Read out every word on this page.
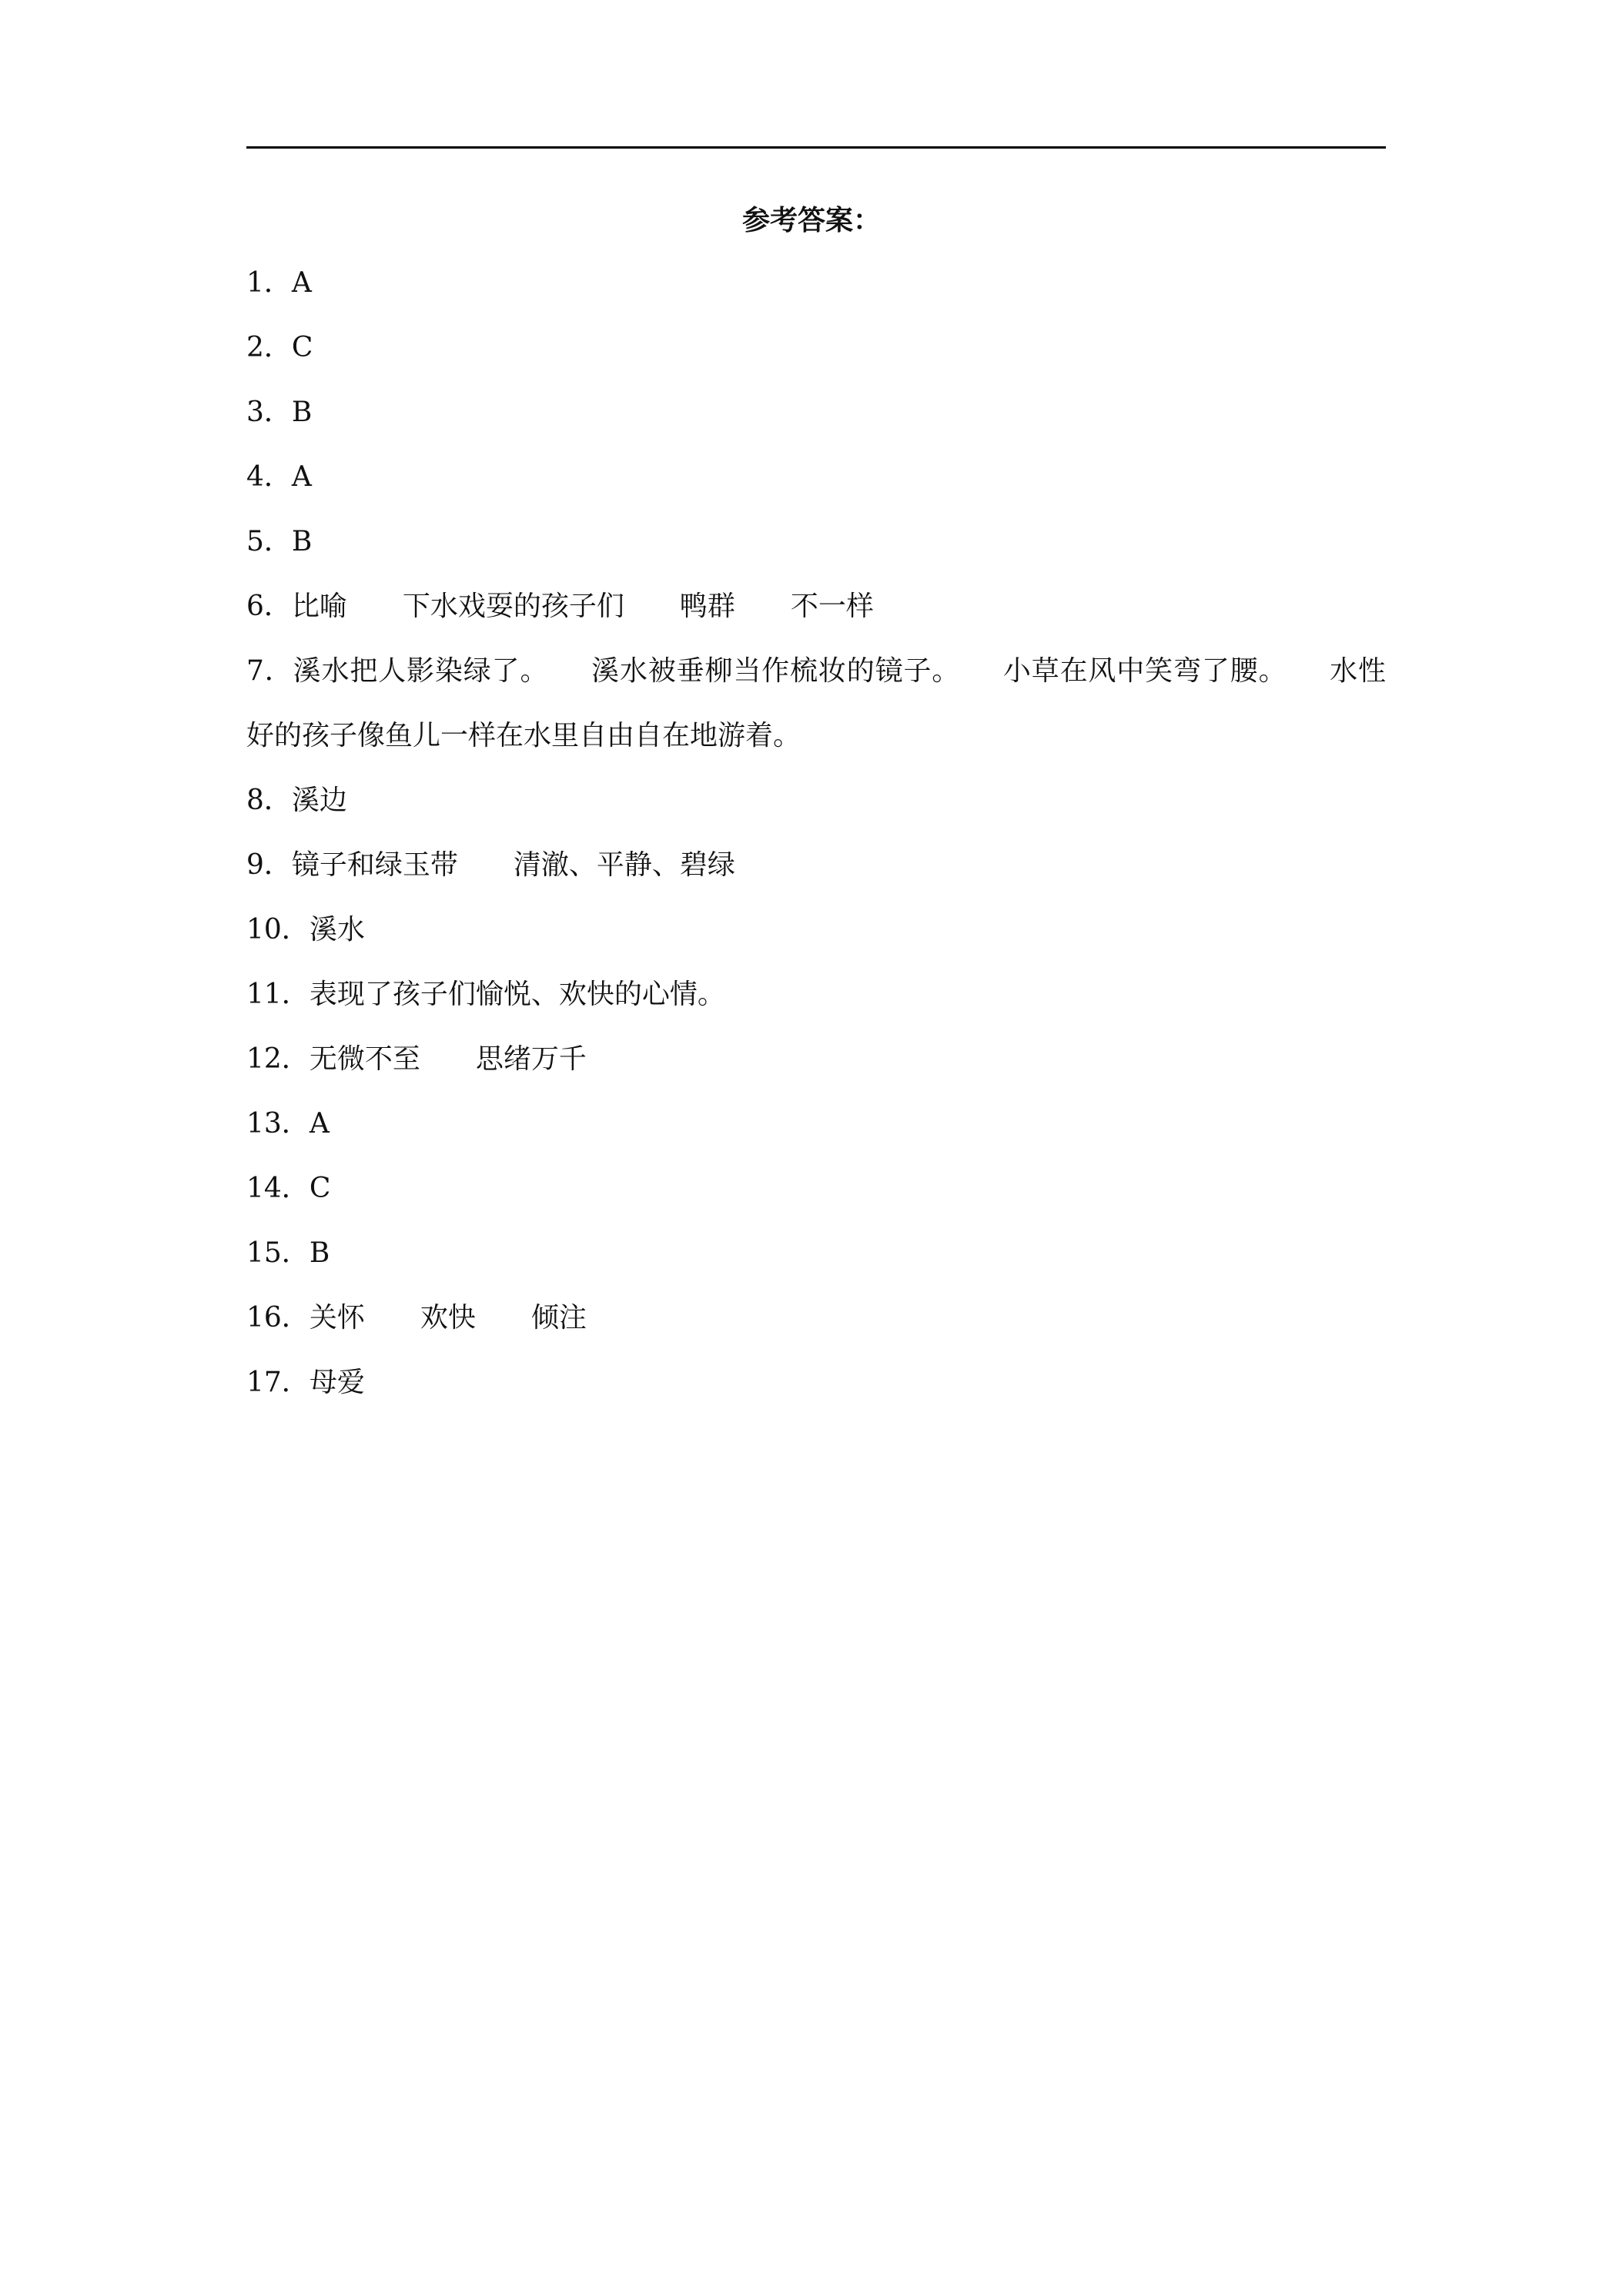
参考答案：
1．A
2．C
3．B
4．A
5．B
6．比喻　　下水戏耍的孩子们　　鸭群　　不一样
7．溪水把人影染绿了。　　溪水被垂柳当作梳妆的镜子。　　小草在风中笑弯了腰。　　水性好的孩子像鱼儿一样在水里自由自在地游着。
8．溪边
9．镜子和绿玉带　　清澈、平静、碧绿
10．溪水
11．表现了孩子们愉悦、欢快的心情。
12．无微不至　　思绪万千
13．A
14．C
15．B
16．关怀　　欢快　　倾注
17．母爱
